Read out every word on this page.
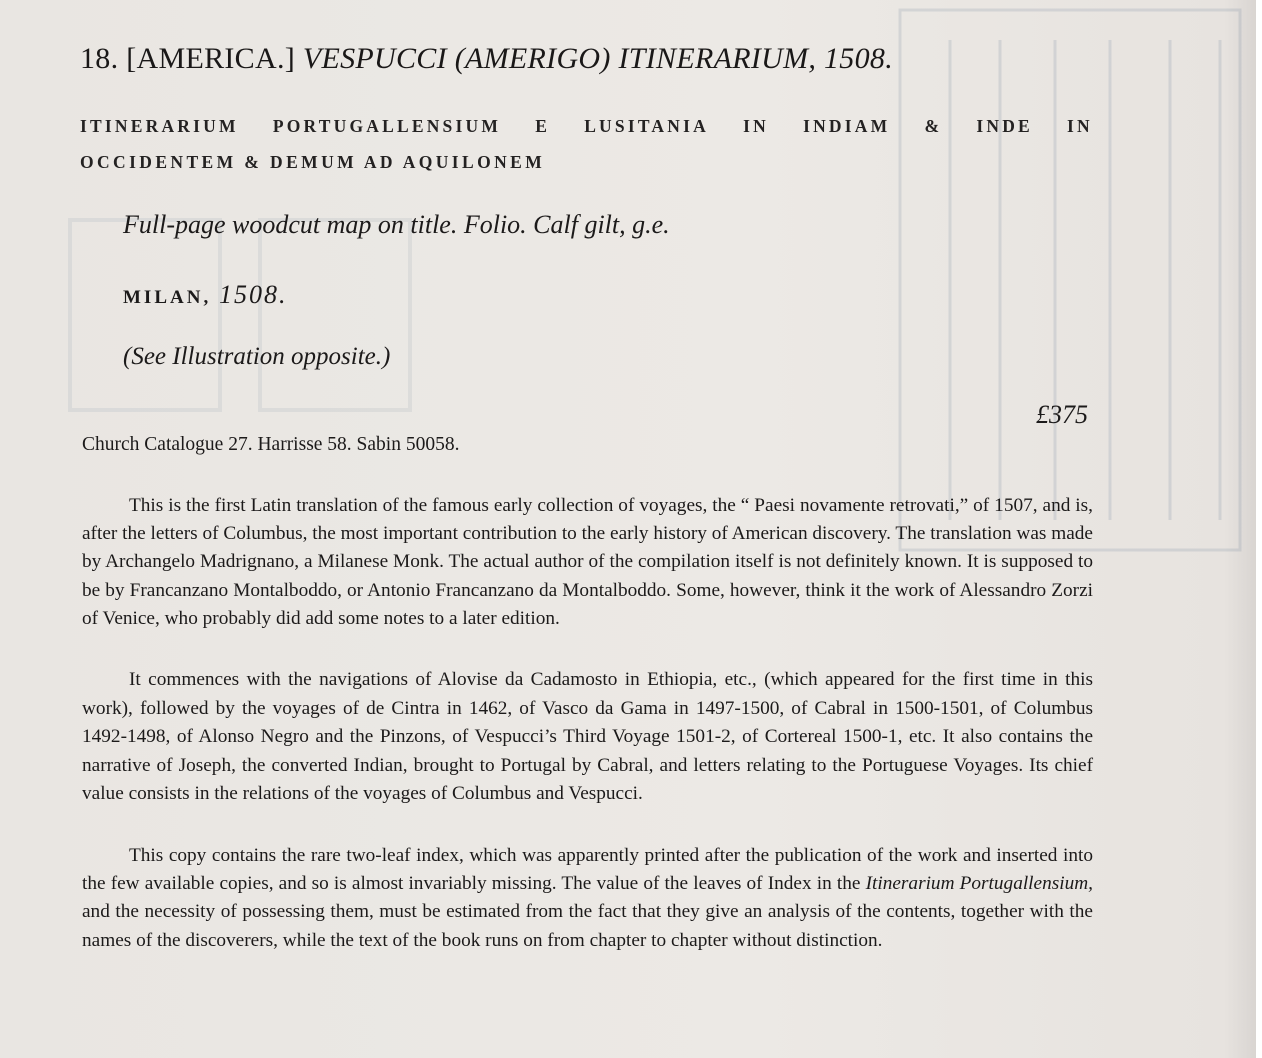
18. [AMERICA.] VESPUCCI (AMERIGO) ITINERARIUM, 1508.
ITINERARIUM PORTUGALLENSIUM E LUSITANIA IN INDIAM & INDE IN
OCCIDENTEM & DEMUM AD AQUILONEM
Full-page woodcut map on title. Folio. Calf gilt, g.e.
MILAN, 1508.
(See Illustration opposite.)
£375
Church Catalogue 27. Harrisse 58. Sabin 50058.

This is the first Latin translation of the famous early collection of voyages, the “ Paesi novamente retrovati,” of 1507, and is, after the letters of Columbus, the most important contribution to the early history of American discovery. The translation was made by Archangelo Madrignano, a Milanese Monk. The actual author of the compilation itself is not definitely known. It is supposed to be by Francanzano Montalboddo, or Antonio Francanzano da Montalboddo. Some, however, think it the work of Alessandro Zorzi of Venice, who probably did add some notes to a later edition.

It commences with the navigations of Alovise da Cadamosto in Ethiopia, etc., (which appeared for the first time in this work), followed by the voyages of de Cintra in 1462, of Vasco da Gama in 1497-1500, of Cabral in 1500-1501, of Columbus 1492-1498, of Alonso Negro and the Pinzons, of Vespucci’s Third Voyage 1501-2, of Cortereal 1500-1, etc. It also contains the narrative of Joseph, the converted Indian, brought to Portugal by Cabral, and letters relating to the Portuguese Voyages. Its chief value consists in the relations of the voyages of Columbus and Vespucci.

This copy contains the rare two-leaf index, which was apparently printed after the publication of the work and inserted into the few available copies, and so is almost invariably missing. The value of the leaves of Index in the Itinerarium Portugallensium, and the necessity of possessing them, must be estimated from the fact that they give an analysis of the contents, together with the names of the discoverers, while the text of the book runs on from chapter to chapter without distinction.
